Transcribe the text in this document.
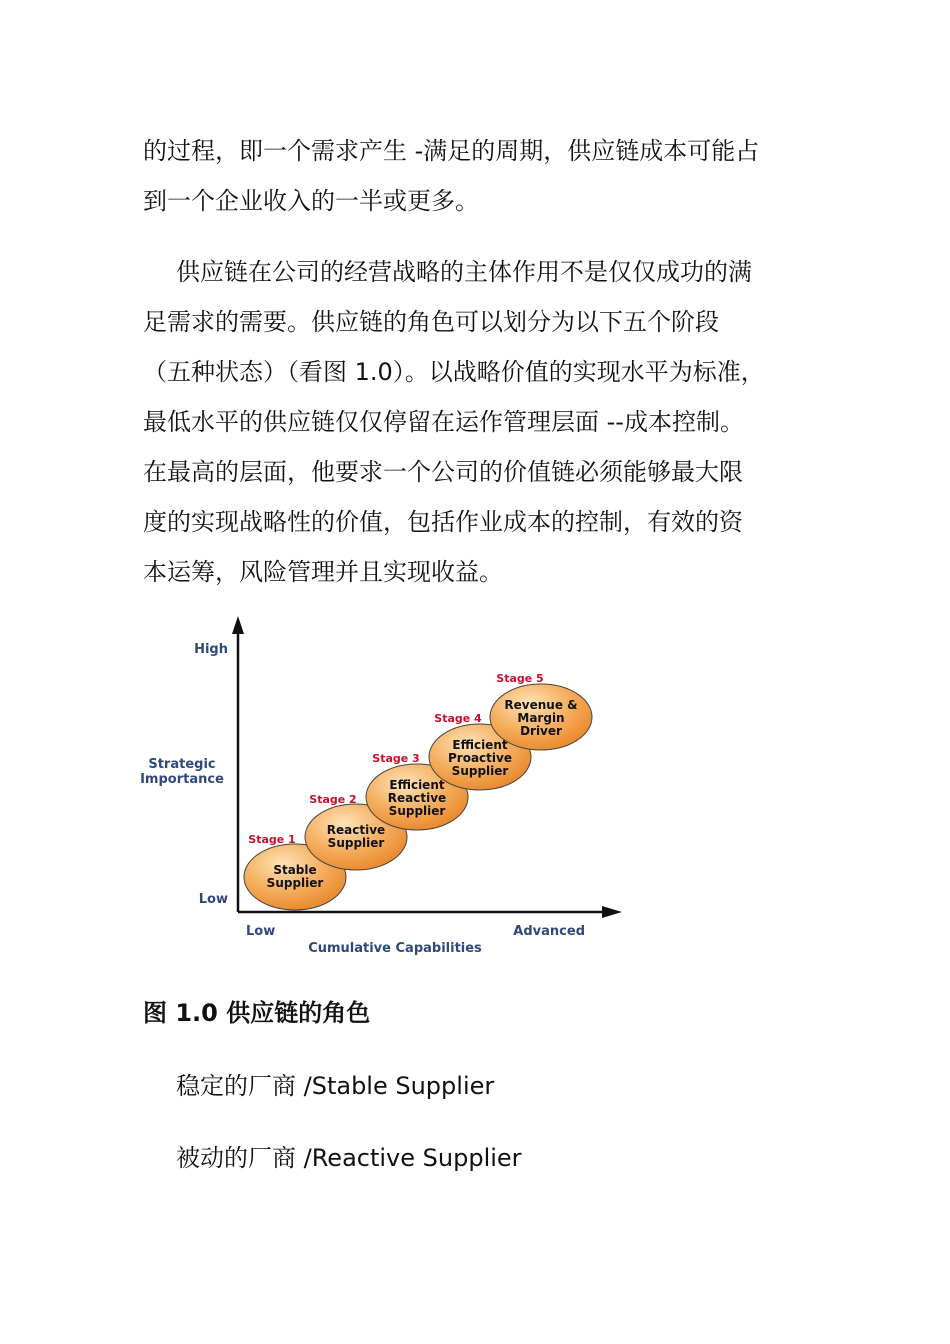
的过程，即一个需求产生 -满足的周期，供应链成本可能占
到一个企业收入的一半或更多。
供应链在公司的经营战略的主体作用不是仅仅成功的满
足需求的需要。供应链的角色可以划分为以下五个阶段
（五种状态）（看图 1.0）。以战略价值的实现水平为标准，
最低水平的供应链仅仅停留在运作管理层面 --成本控制。
在最高的层面，他要求一个公司的价值链必须能够最大限
度的实现战略性的价值，包括作业成本的控制，有效的资
本运筹，风险管理并且实现收益。
High
Low
Strategic
Importance
Low	Advanced
Cumulative Capabilities
Stage 1
Stable
Supplier
Stage 2
Reactive
Supplier
Stage 3
Efficient
Reactive
Supplier
Stage 4
Efficient
Proactive
Supplier
Stage 5
Revenue &
Margin
Driver
图 1.0 供应链的角色
稳定的厂商 /Stable Supplier
被动的厂商 /Reactive Supplier
